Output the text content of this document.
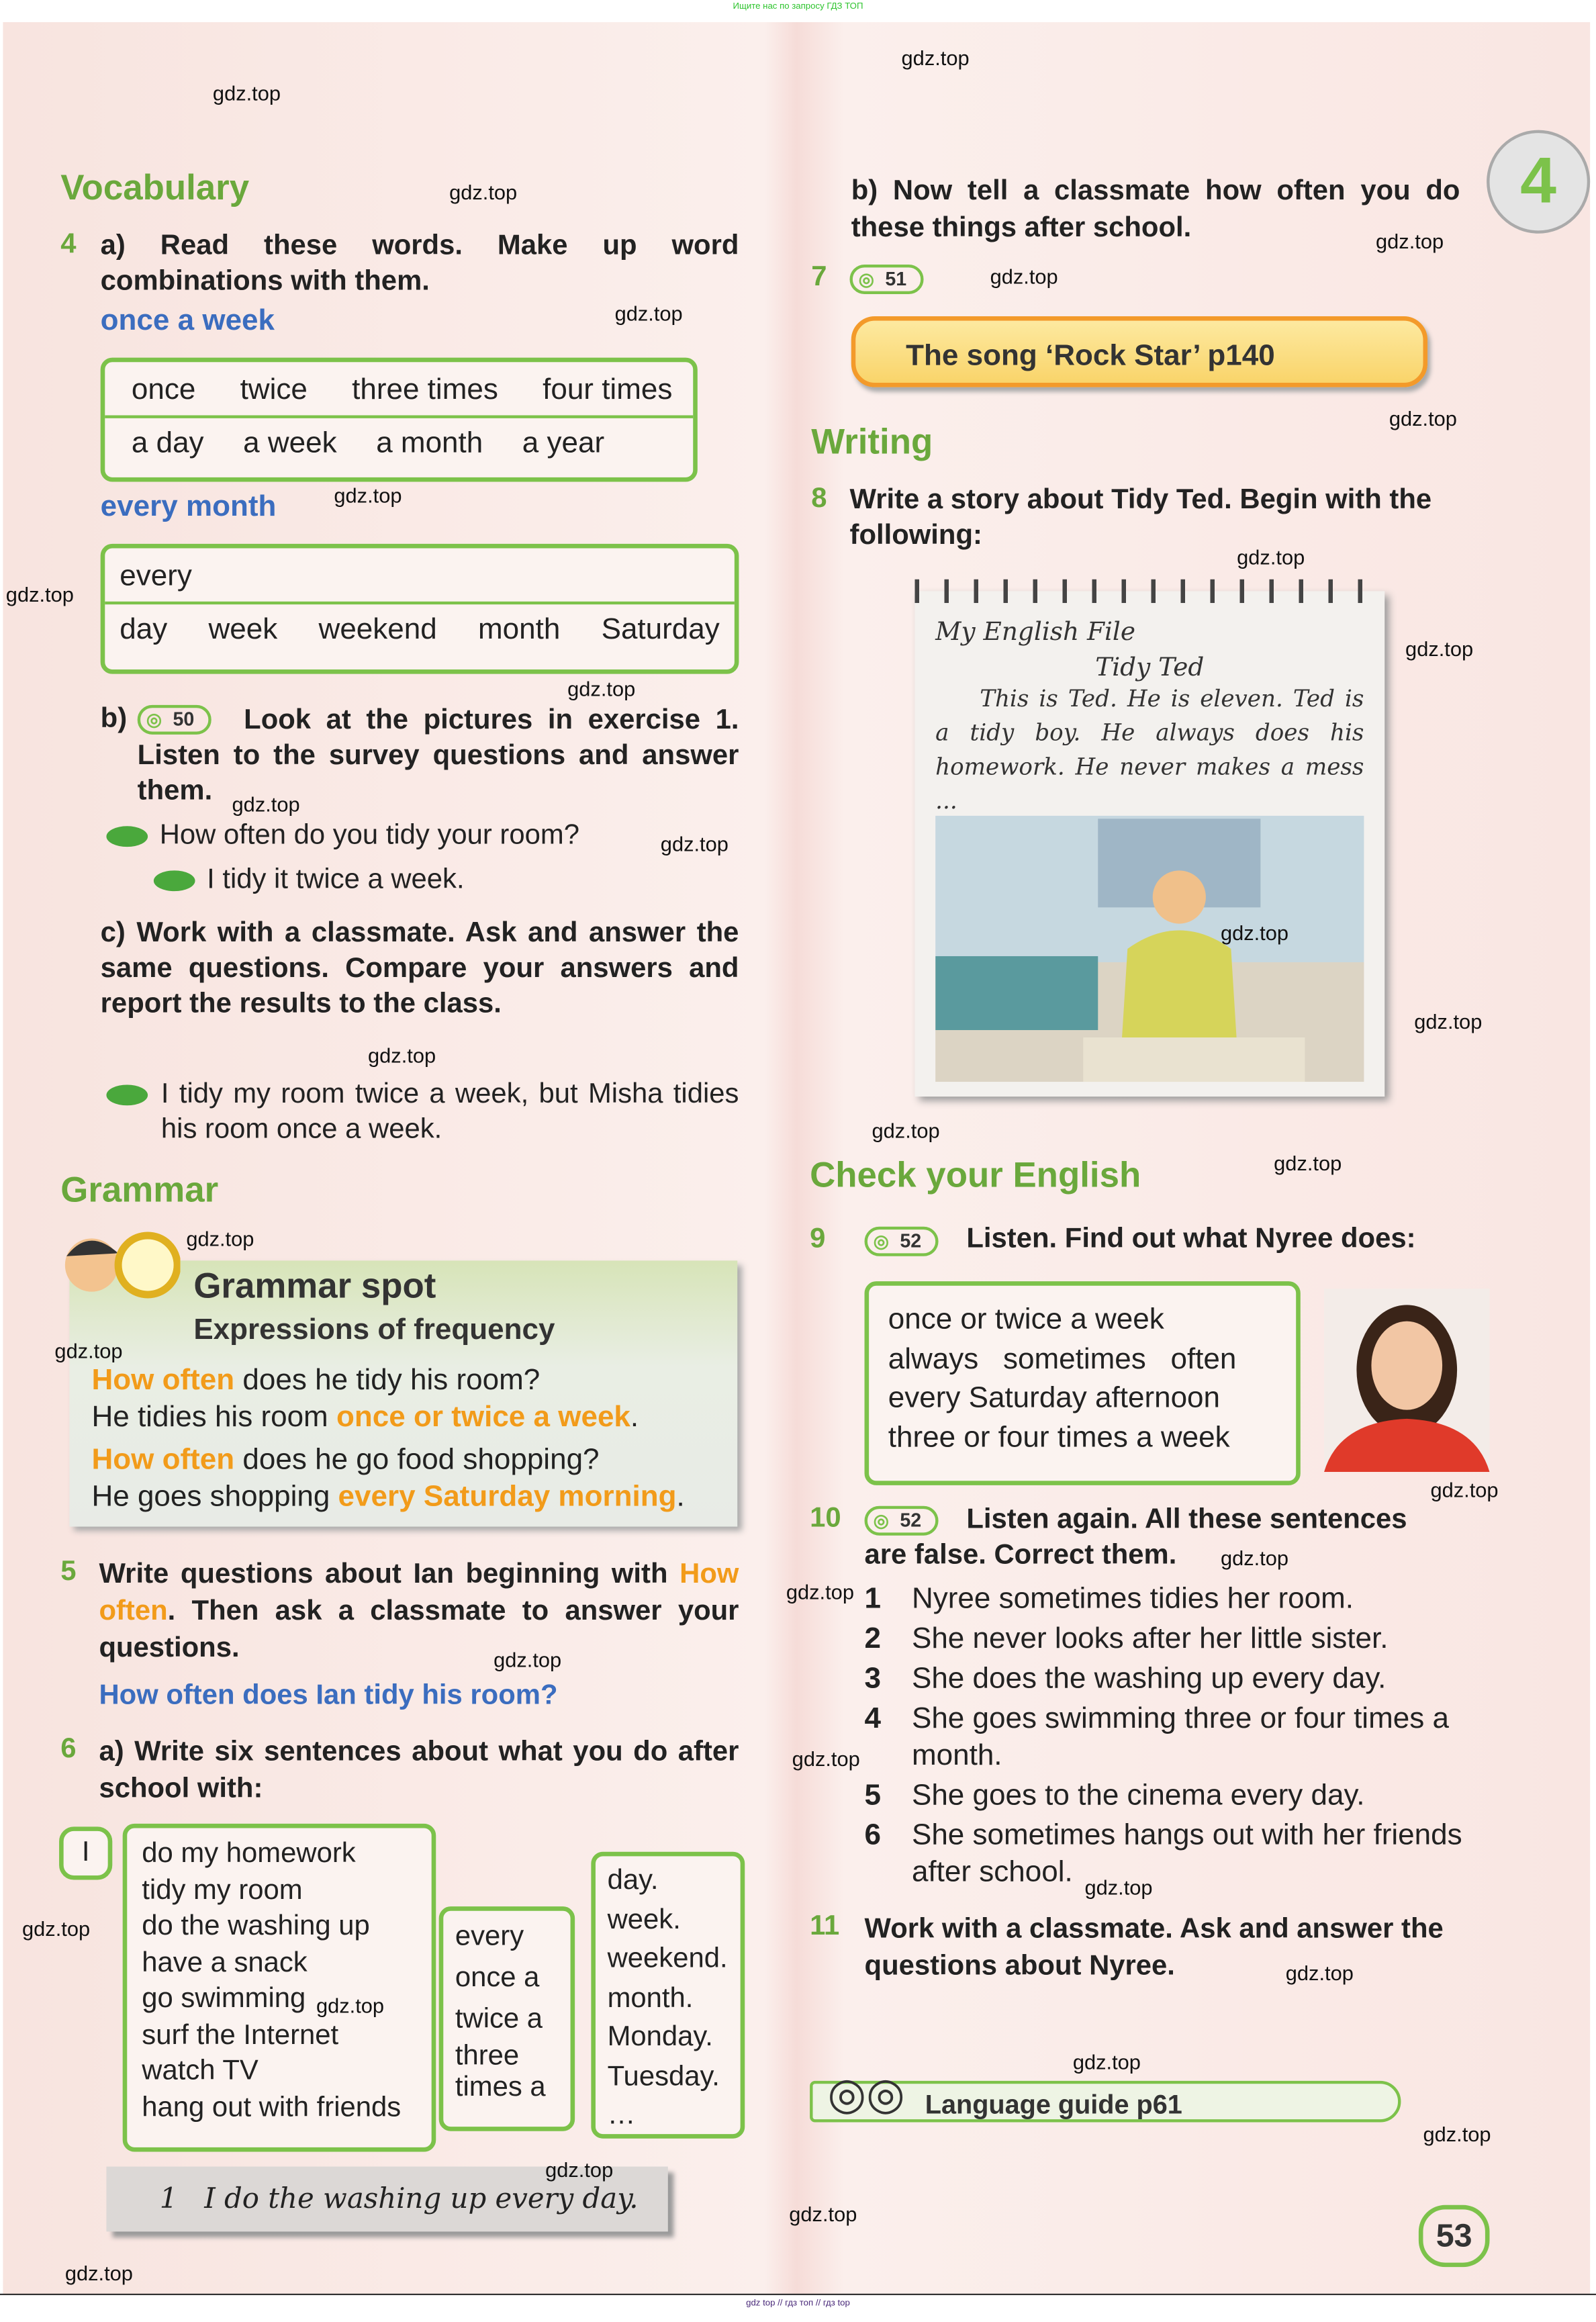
Ищите нас по запросу ГДЗ ТОП
Vocabulary
4 a) Read these words. Make up word combinations with them.
once a week
once	twice	three times	four times
a day	a week	a month	a year
every month
every
day	week	weekend	month	Saturday
b)	◎ 50	Look at the pictures in exercise 1. Listen to the survey questions and answer them.
How often do you tidy your room?
I tidy it twice a week.
c) Work with a classmate. Ask and answer the same questions. Compare your answers and report the results to the class.
I tidy my room twice a week, but Misha tidies his room once a week.
Grammar
Grammar spot
Expressions of frequency
How often does he tidy his room?
He tidies his room once or twice a week.
How often does he go food shopping?
He goes shopping every Saturday morning.
5 Write questions about Ian beginning with How often. Then ask a classmate to answer your questions.
How often does Ian tidy his room?
6 a) Write six sentences about what you do after school with:
I	do my homework
tidy my room
do the washing up
have a snack
go swimming
surf the Internet
watch TV
hang out with friends
every
once a
twice a
three times a
day.
week.
weekend.
month.
Monday.
Tuesday.
…
1 I do the washing up every day.
4
b) Now tell a classmate how often you do these things after school.
7	◎ 51
The song ‘Rock Star’ p140
Writing
8 Write a story about Tidy Ted. Begin with the following:
My English File
Tidy Ted
This is Ted. He is eleven. Ted is a tidy boy. He always does his homework. He never makes a mess ...
Check your English
9	◎ 52	Listen. Find out what Nyree does:
once or twice a week
always   sometimes   often
every Saturday afternoon
three or four times a week
10	◎ 52	Listen again. All these sentences are false. Correct them.
1	Nyree sometimes tidies her room.
2	She never looks after her little sister.
3	She does the washing up every day.
4	She goes swimming three or four times a month.
5	She goes to the cinema every day.
6	She sometimes hangs out with her friends after school.
11 Work with a classmate. Ask and answer the questions about Nyree.
Language guide p61
◎◎
53
gdz top // гдз топ // гдз top
gdz.top
gdz.top
gdz.top
gdz.top
gdz.top
gdz.top
gdz.top
gdz.top
gdz.top
gdz.top
gdz.top
gdz.top
gdz.top
gdz.top
gdz.top
gdz.top
gdz.top
gdz.top
gdz.top
gdz.top
gdz.top
gdz.top
gdz.top
gdz.top
gdz.top
gdz.top
gdz.top
gdz.top
gdz.top
gdz.top
gdz.top
gdz.top
gdz.top
gdz.top
gdz.top
